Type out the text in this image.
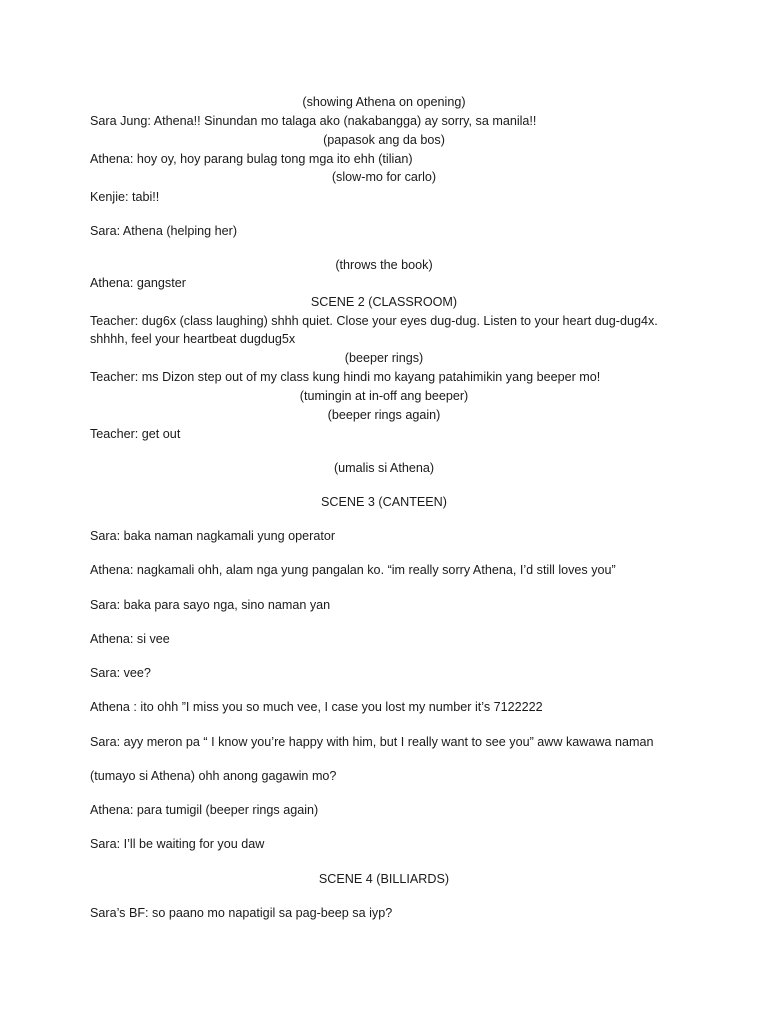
(showing Athena on opening)
Sara Jung: Athena!! Sinundan mo talaga ako (nakabangga) ay sorry, sa manila!!
(papasok ang da bos)
Athena: hoy oy, hoy parang bulag tong mga ito ehh (tilian)
(slow-mo for carlo)
Kenjie: tabi!!
Sara: Athena (helping her)
(throws the book)
Athena: gangster
SCENE 2 (CLASSROOM)
Teacher: dug6x (class laughing) shhh quiet. Close your eyes dug-dug. Listen to your heart dug-dug4x. shhhh, feel your heartbeat dugdug5x
(beeper rings)
Teacher: ms Dizon step out of my class kung hindi mo kayang patahimikin yang beeper mo!
(tumingin at in-off ang beeper)
(beeper rings again)
Teacher: get out
(umalis si Athena)
SCENE 3 (CANTEEN)
Sara: baka naman nagkamali yung operator
Athena: nagkamali ohh, alam nga yung pangalan ko. “im really sorry Athena, I’d still loves you”
Sara: baka para sayo nga, sino naman yan
Athena: si vee
Sara: vee?
Athena : ito ohh ”I miss you so much vee, I case you lost my number it’s 7122222
Sara: ayy meron pa “ I know you’re happy with him, but I really want to see you” aww kawawa naman
(tumayo si Athena) ohh anong gagawin mo?
Athena: para tumigil (beeper rings again)
Sara: I’ll be waiting for you daw
SCENE 4 (BILLIARDS)
Sara’s BF: so paano mo napatigil sa pag-beep sa iyp?
